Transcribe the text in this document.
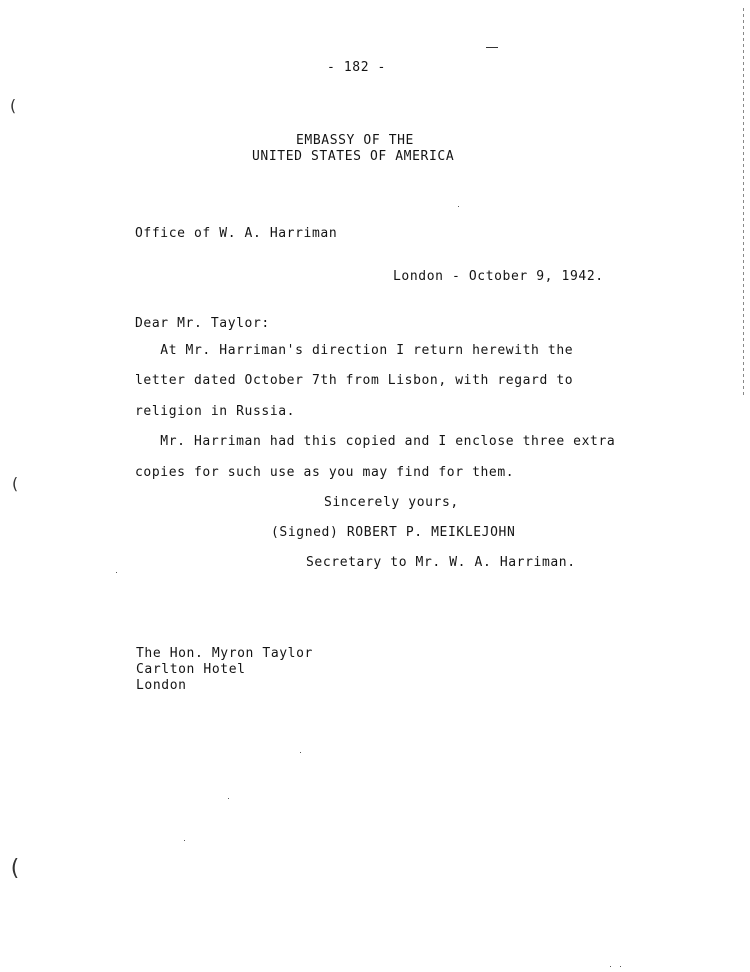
(
(
(
- 182 -
EMBASSY OF THE
UNITED STATES OF AMERICA
Office of W. A. Harriman
London - October 9, 1942.
Dear Mr. Taylor:
At Mr. Harriman's direction I return herewith the
letter dated October 7th from Lisbon, with regard to
religion in Russia.
Mr. Harriman had this copied and I enclose three extra
copies for such use as you may find for them.
Sincerely yours,
(Signed) ROBERT P. MEIKLEJOHN
Secretary to Mr. W. A. Harriman.
The Hon. Myron Taylor
Carlton Hotel
London
